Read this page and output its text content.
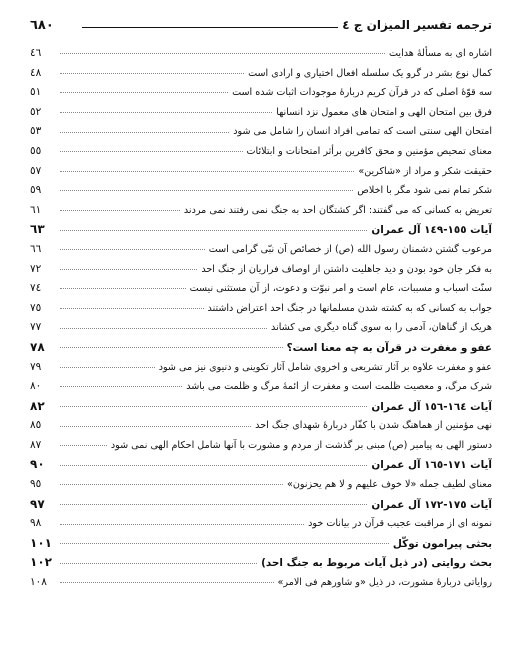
ترجمه تفسیر المیزان ج ٤
٦٨٠
اشاره ای به مسألۀ هدایت
٤٦
کمال نوع بشر در گرو یک سلسله افعال اختیاری و ارادی است
٤٨
سه قوّۀ اصلی که در قرآن کریم دربارۀ موجودات اثبات شده است
٥١
فرق بین امتحان الهی و امتحان های معمول نزد انسانها
٥٢
امتحان الهی سنتی است که تمامی افراد انسان را شامل می شود
٥٣
معنای تمحیص مؤمنین و محق کافرین برأثر امتحانات و ابتلائات
٥٥
حقیقت شکر و مراد از «شاکرین»
٥٧
شکر تمام نمی شود مگر با اخلاص
٥٩
تعریض به کسانی که می گفتند: اگر کشتگان احد به جنگ نمی رفتند نمی مردند
٦١
آیات ١٥٥-١٤٩ آل عمران
٦٣
مرعوب گشتن دشمنان رسول الله (ص) از خصائص آن نبّی گرامی است
٦٦
به فکر جان خود بودن و دید جاهلیت داشتن از اوصاف فراریان از جنگ احد
٧٢
سنّت اسباب و مسببات، عام است و امر نبوّت و دعوت، از آن مستثنی نیست
٧٤
جواب به کسانی که به کشته شدن مسلمانها در جنگ احد اعتراض داشتند
٧٥
هریک از گناهان، آدمی را به سوی گناه دیگری می کشاند
٧٧
عفو و مغفرت در قرآن به چه معنا است؟
٧٨
عفو و مغفرت علاوه بر آثار تشریعی و اخروی شامل آثار تکوینی و دنیوی نیز می شود
٧٩
شرک مرگ، و معصیت ظلمت است و مغفرت از ائمۀ مرگ و ظلمت می باشد
٨٠
آیات ١٦٤-١٥٦ آل عمران
٨٢
نهی مؤمنین از هماهنگ شدن با کفّار دربارۀ شهدای جنگ احد
٨٥
دستور الهی به پیامبر (ص) مبنی بر گذشت از مردم و مشورت با آنها شامل احکام الهی نمی شود
٨٧
آیات ١٧١-١٦٥ آل عمران
٩٠
معنای لطیف جمله «لا خوف علیهم و لا هم یحزنون»
٩٥
آیات ١٧٥-١٧٢ آل عمران
٩٧
نمونه ای از مراقبت عجیب قرآن در بیانات خود
٩٨
بحثی پیرامون توکّل
١٠١
بحث روایتی (در ذیل آیات مربوط به جنگ احد)
١٠٢
روایاتی دربارۀ مشورت، در ذیل «و شاورهم فی الامر»
١٠٨
